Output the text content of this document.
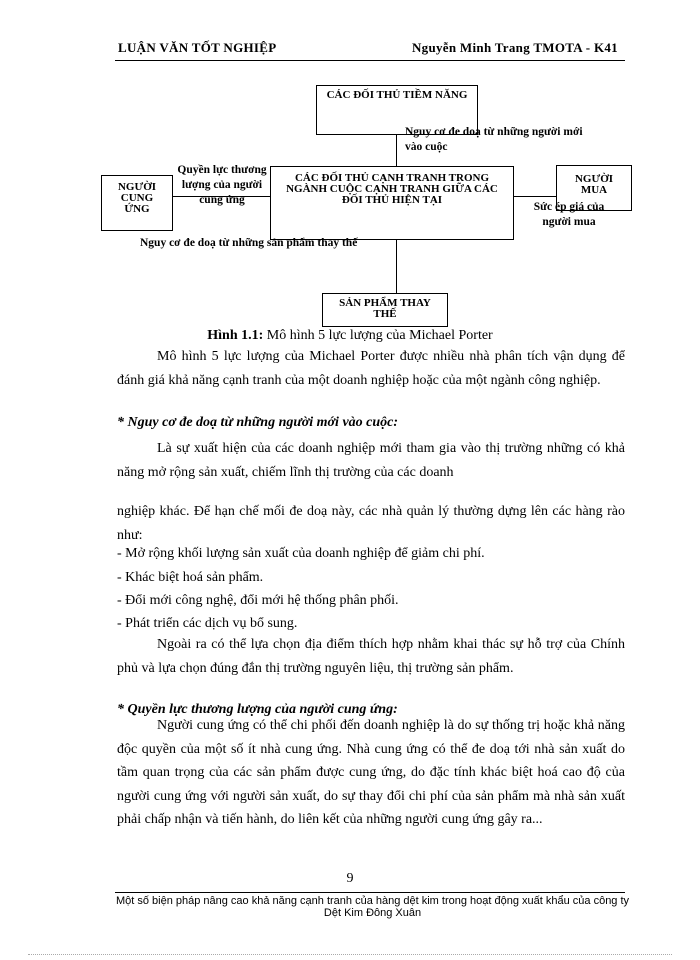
LUẬN VĂN TỐT NGHIỆP	Nguyễn Minh Trang TMOTA - K41
CÁC ĐỐI THỦ TIỀM NĂNG
CÁC ĐỐI THỦ CẠNH TRANH TRONG NGÀNH CUỘC CẠNH TRANH GIỮA CÁC ĐỐI THỦ HIỆN TẠI
NGƯỜI CUNG ỨNG
NGƯỜI MUA
SẢN PHẨM THAY THẾ
Nguy cơ đe doạ từ những người mới vào cuộc
Quyền lực thương lượng của người cung ứng
Sức ép giá của người mua
Nguy cơ đe doạ từ những sản phẩm thay thế
Hình 1.1: Mô hình 5 lực lượng của Michael Porter
Mô hình 5 lực lượng của Michael Porter được nhiều nhà phân tích vận dụng để đánh giá khả năng cạnh tranh của một doanh nghiệp hoặc của một ngành công nghiệp.
* Nguy cơ đe doạ từ những người mới vào cuộc:
Là sự xuất hiện của các doanh nghiệp mới tham gia vào thị trường những có khả năng mở rộng sản xuất, chiếm lĩnh thị trường của các doanh
nghiệp khác. Để hạn chế mối đe doạ này, các nhà quản lý thường dựng lên các hàng rào như:
- Mở rộng khối lượng sản xuất của doanh nghiệp để giảm chi phí.
- Khác biệt hoá sản phẩm.
- Đổi mới công nghệ, đổi mới hệ thống phân phối.
- Phát triển các dịch vụ bổ sung.
Ngoài ra có thể lựa chọn địa điểm thích hợp nhằm khai thác sự hỗ trợ của Chính phủ và lựa chọn đúng đắn thị trường nguyên liệu, thị trường sản phẩm.
* Quyền lực thương lượng của người cung ứng:
Người cung ứng có thể chi phối đến doanh nghiệp là do sự thống trị hoặc khả năng độc quyền của một số ít nhà cung ứng. Nhà cung ứng có thể đe doạ tới nhà sản xuất do tầm quan trọng của các sản phẩm được cung ứng, do đặc tính khác biệt hoá cao độ của người cung ứng với người sản xuất, do sự thay đổi chi phí của sản phẩm mà nhà sản xuất phải chấp nhận và tiến hành, do liên kết của những người cung ứng gây ra...
9
Một số biện pháp nâng cao khả năng cạnh tranh của hàng dệt kim trong hoạt động xuất khẩu của công ty Dệt Kim Đông Xuân
